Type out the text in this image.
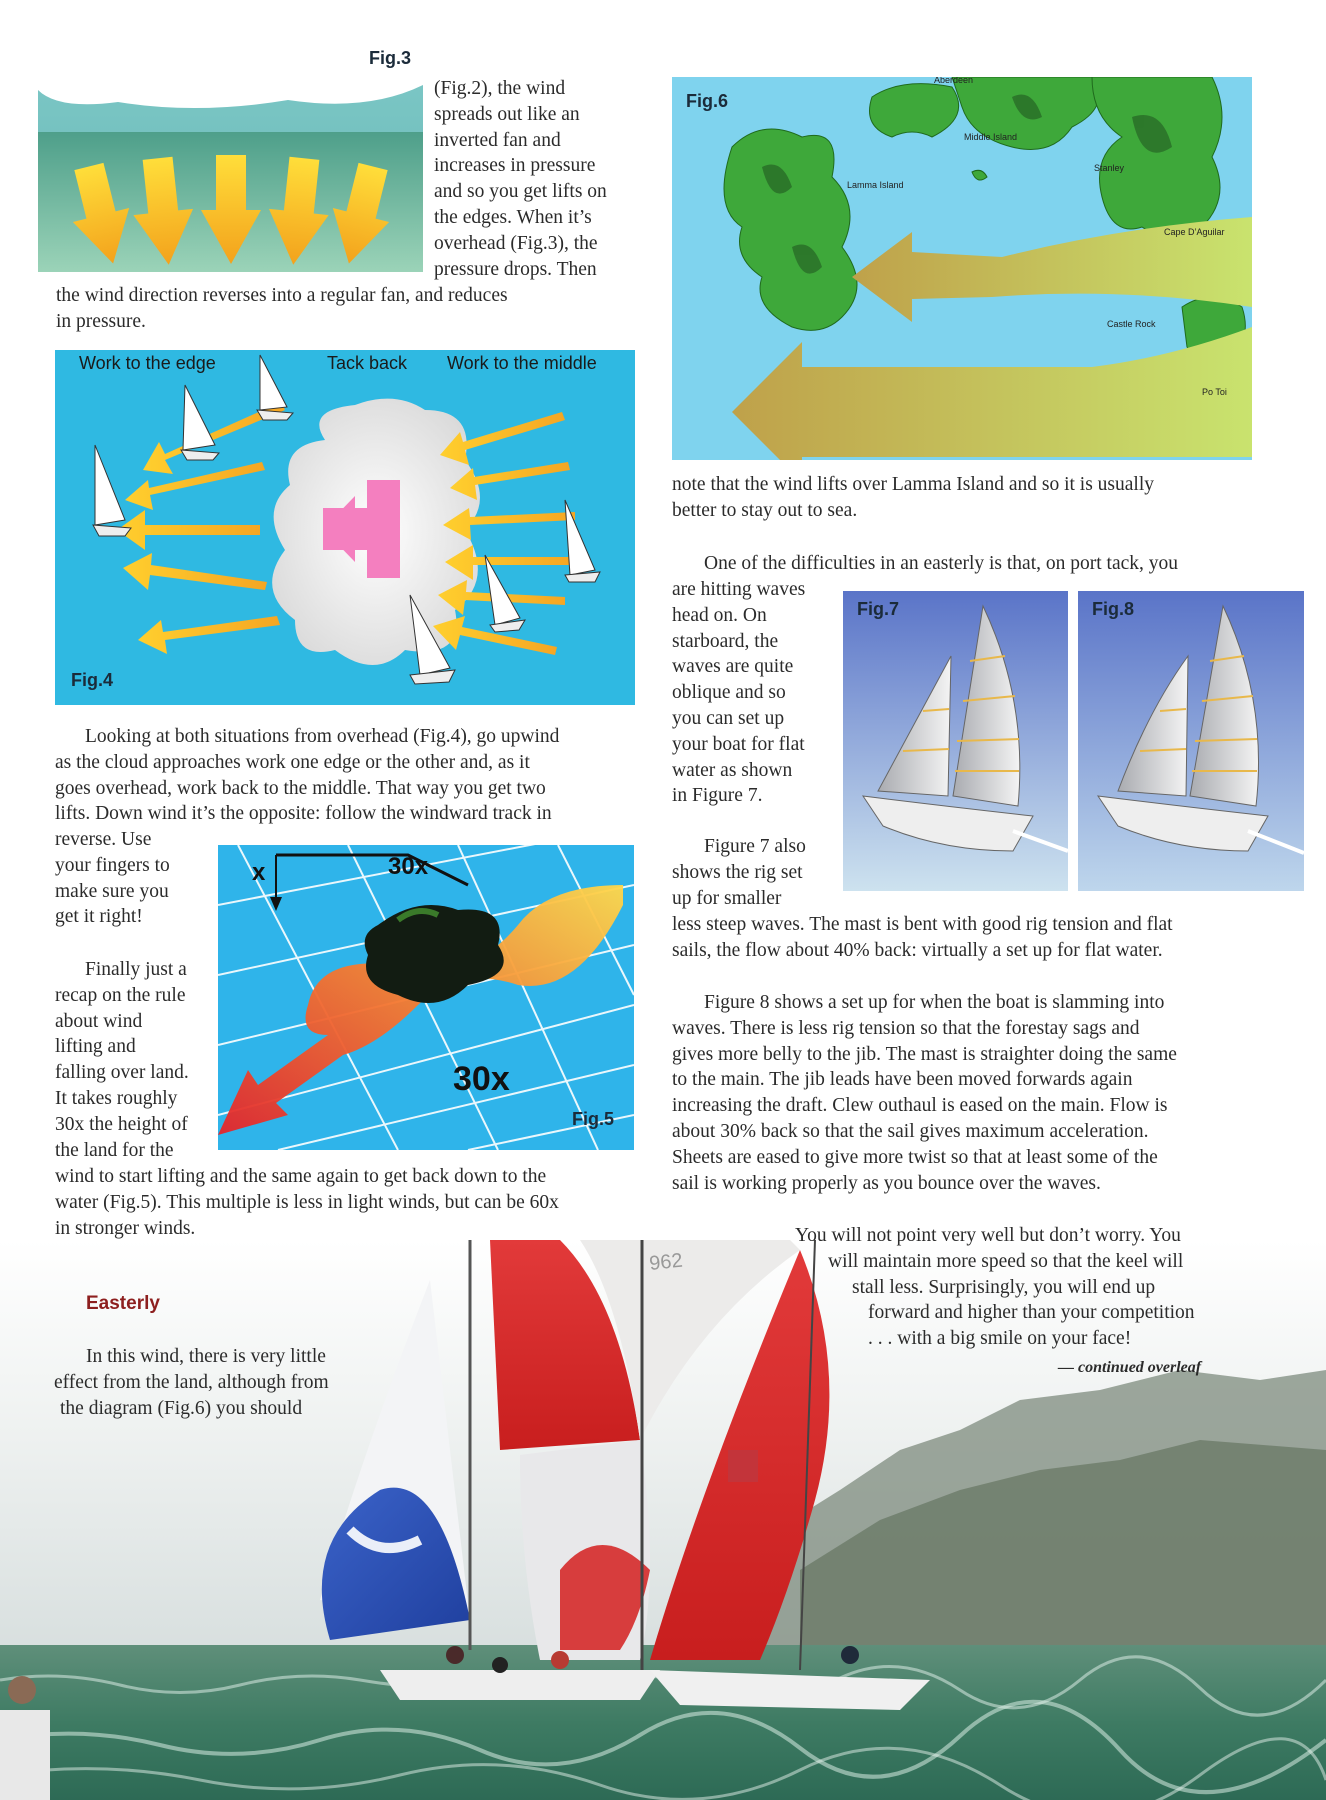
962
Fig.3
(Fig.2), the wind
spreads out like an
inverted fan and
increases in pressure
and so you get lifts on
the edges. When it’s
overhead (Fig.3), the
pressure drops. Then
the wind direction reverses into a regular fan, and reduces
in pressure.
Work to the edge	Tack back Work to the middle
Fig.4
Looking at both situations from overhead (Fig.4), go upwind
as the cloud approaches work one edge or the other and, as it
goes overhead, work back to the middle. That way you get two
lifts. Down wind it’s the opposite: follow the windward track in
reverse. Use
your fingers to
make sure you
get it right!
Finally just a
recap on the rule
about wind
lifting and
falling over land.
It takes roughly
30x the height of
the land for the
wind to start lifting and the same again to get back down to the
water (Fig.5). This multiple is less in light winds, but can be 60x
in stronger winds.
x	30x
30x
Fig.5
Easterly
In this wind, there is very little
effect from the land, although from
the diagram (Fig.6) you should
Fig.6
Aberdeen
Middle Island
Stanley
Lamma Island
Cape D’Aguilar
Castle Rock
Po Toi
note that the wind lifts over Lamma Island and so it is usually
better to stay out to sea.
One of the difficulties in an easterly is that, on port tack, you
are hitting waves
head on. On
starboard, the
waves are quite
oblique and so
you can set up
your boat for flat
water as shown
in Figure 7.
Fig.7	Fig.8
Figure 7 also
shows the rig set
up for smaller
less steep waves. The mast is bent with good rig tension and flat
sails, the flow about 40% back: virtually a set up for flat water.
Figure 8 shows a set up for when the boat is slamming into
waves. There is less rig tension so that the forestay sags and
gives more belly to the jib. The mast is straighter doing the same
to the main. The jib leads have been moved forwards again
increasing the draft. Clew outhaul is eased on the main. Flow is
about 30% back so that the sail gives maximum acceleration.
Sheets are eased to give more twist so that at least some of the
sail is working properly as you bounce over the waves.
You will not point very well but don’t worry. You
will maintain more speed so that the keel will
stall less. Surprisingly, you will end up
forward and higher than your competition
. . . with a big smile on your face!
— continued overleaf
